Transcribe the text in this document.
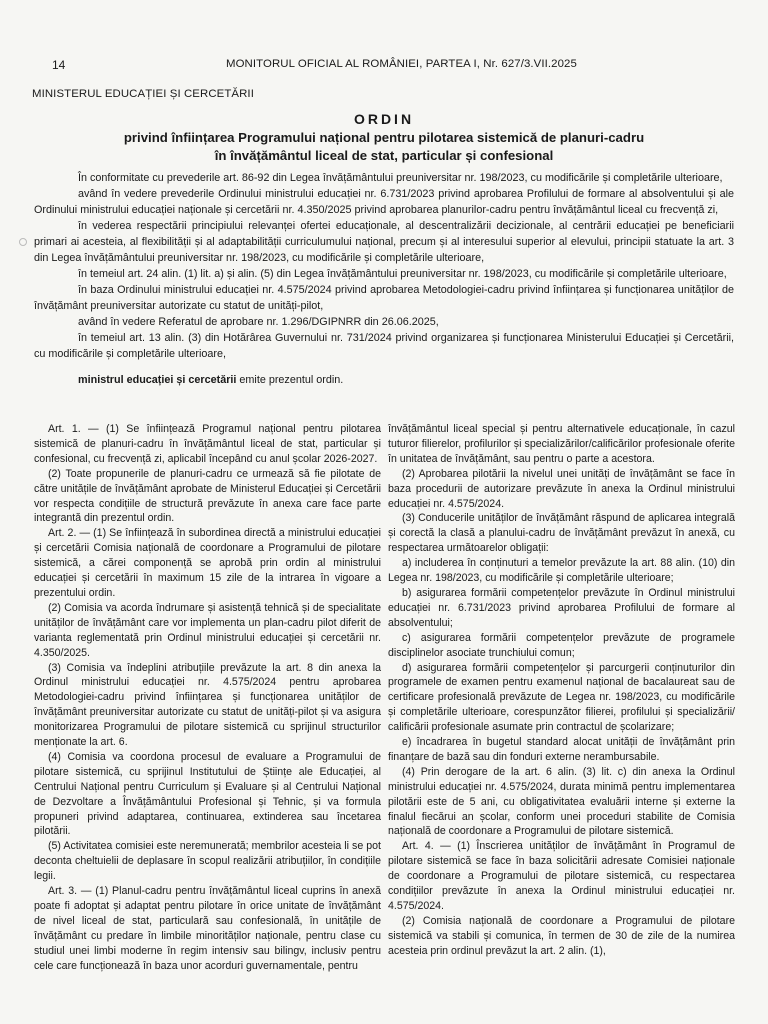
14	MONITORUL OFICIAL AL ROMÂNIEI, PARTEA I, Nr. 627/3.VII.2025
MINISTERUL EDUCAȚIEI ȘI CERCETĂRII
ORDIN
privind înființarea Programului național pentru pilotarea sistemică de planuri-cadru
în învățământul liceal de stat, particular și confesional

În conformitate cu prevederile art. 86-92 din Legea învățământului preuniversitar nr. 198/2023, cu modificările și completările ulterioare,

având în vedere prevederile Ordinului ministrului educației nr. 6.731/2023 privind aprobarea Profilului de formare al absolventului și ale Ordinului ministrului educației naționale și cercetării nr. 4.350/2025 privind aprobarea planurilor-cadru pentru învățământul liceal cu frecvență zi,

în vederea respectării principiului relevanței ofertei educaționale, al descentralizării decizionale, al centrării educației pe beneficiarii primari ai acesteia, al flexibilității și al adaptabilității curriculumului național, precum și al interesului superior al elevului, principii statuate la art. 3 din Legea învățământului preuniversitar nr. 198/2023, cu modificările și completările ulterioare,

în temeiul art. 24 alin. (1) lit. a) și alin. (5) din Legea învățământului preuniversitar nr. 198/2023, cu modificările și completările ulterioare,

în baza Ordinului ministrului educației nr. 4.575/2024 privind aprobarea Metodologiei-cadru privind înființarea și funcționarea unităților de învățământ preuniversitar autorizate cu statut de unități-pilot,

având în vedere Referatul de aprobare nr. 1.296/DGIPNRR din 26.06.2025,

în temeiul art. 13 alin. (3) din Hotărârea Guvernului nr. 731/2024 privind organizarea și funcționarea Ministerului Educației și Cercetării, cu modificările și completările ulterioare,

ministrul educației și cercetării emite prezentul ordin.

Art. 1. — (1) Se înființează Programul național pentru pilotarea sistemică de planuri-cadru în învățământul liceal de stat, particular și confesional, cu frecvență zi, aplicabil începând cu anul școlar 2026-2027.

(2) Toate propunerile de planuri-cadru ce urmează să fie pilotate de către unitățile de învățământ aprobate de Ministerul Educației și Cercetării vor respecta condițiile de structură prevăzute în anexa care face parte integrantă din prezentul ordin.

Art. 2. — (1) Se înființează în subordinea directă a ministrului educației și cercetării Comisia națională de coordonare a Programului de pilotare sistemică, a cărei componență se aprobă prin ordin al ministrului educației și cercetării în maximum 15 zile de la intrarea în vigoare a prezentului ordin.

(2) Comisia va acorda îndrumare și asistență tehnică și de specialitate unităților de învățământ care vor implementa un plan-cadru pilot diferit de varianta reglementată prin Ordinul ministrului educației și cercetării nr. 4.350/2025.

(3) Comisia va îndeplini atribuțiile prevăzute la art. 8 din anexa la Ordinul ministrului educației nr. 4.575/2024 pentru aprobarea Metodologiei-cadru privind înființarea și funcționarea unităților de învățământ preuniversitar autorizate cu statut de unități-pilot și va asigura monitorizarea Programului de pilotare sistemică cu sprijinul structurilor menționate la art. 6.

(4) Comisia va coordona procesul de evaluare a Programului de pilotare sistemică, cu sprijinul Institutului de Științe ale Educației, al Centrului Național pentru Curriculum și Evaluare și al Centrului Național de Dezvoltare a Învățământului Profesional și Tehnic, și va formula propuneri privind adaptarea, continuarea, extinderea sau încetarea pilotării.

(5) Activitatea comisiei este neremunerată; membrilor acesteia li se pot deconta cheltuielii de deplasare în scopul realizării atribuțiilor, în condițiile legii.

Art. 3. — (1) Planul-cadru pentru învățământul liceal cuprins în anexă poate fi adoptat și adaptat pentru pilotare în orice unitate de învățământ de nivel liceal de stat, particulară sau confesională, în unitățile de învățământ cu predare în limbile minorităților naționale, pentru clase cu studiul unei limbi moderne în regim intensiv sau bilingv, inclusiv pentru cele care funcționează în baza unor acorduri guvernamentale, pentru

învățământul liceal special și pentru alternativele educaționale, în cazul tuturor filierelor, profilurilor și specializărilor/calificărilor profesionale oferite în unitatea de învățământ, sau pentru o parte a acestora.

(2) Aprobarea pilotării la nivelul unei unități de învățământ se face în baza procedurii de autorizare prevăzute în anexa la Ordinul ministrului educației nr. 4.575/2024.

(3) Conducerile unităților de învățământ răspund de aplicarea integrală și corectă la clasă a planului-cadru de învățământ prevăzut în anexă, cu respectarea următoarelor obligații:

a) includerea în conținuturi a temelor prevăzute la art. 88 alin. (10) din Legea nr. 198/2023, cu modificările și completările ulterioare;

b) asigurarea formării competențelor prevăzute în Ordinul ministrului educației nr. 6.731/2023 privind aprobarea Profilului de formare al absolventului;

c) asigurarea formării competențelor prevăzute de programele disciplinelor asociate trunchiului comun;

d) asigurarea formării competențelor și parcurgerii conținuturilor din programele de examen pentru examenul național de bacalaureat sau de certificare profesională prevăzute de Legea nr. 198/2023, cu modificările și completările ulterioare, corespunzător filierei, profilului și specializării/ calificării profesionale asumate prin contractul de școlarizare;

e) încadrarea în bugetul standard alocat unității de învățământ prin finanțare de bază sau din fonduri externe nerambursabile.

(4) Prin derogare de la art. 6 alin. (3) lit. c) din anexa la Ordinul ministrului educației nr. 4.575/2024, durata minimă pentru implementarea pilotării este de 5 ani, cu obligativitatea evaluării interne și externe la finalul fiecărui an școlar, conform unei proceduri stabilite de Comisia națională de coordonare a Programului de pilotare sistemică.

Art. 4. — (1) Înscrierea unităților de învățământ în Programul de pilotare sistemică se face în baza solicitării adresate Comisiei naționale de coordonare a Programului de pilotare sistemică, cu respectarea condițiilor prevăzute în anexa la Ordinul ministrului educației nr. 4.575/2024.

(2) Comisia națională de coordonare a Programului de pilotare sistemică va stabili și comunica, în termen de 30 de zile de la numirea acesteia prin ordinul prevăzut la art. 2 alin. (1),
